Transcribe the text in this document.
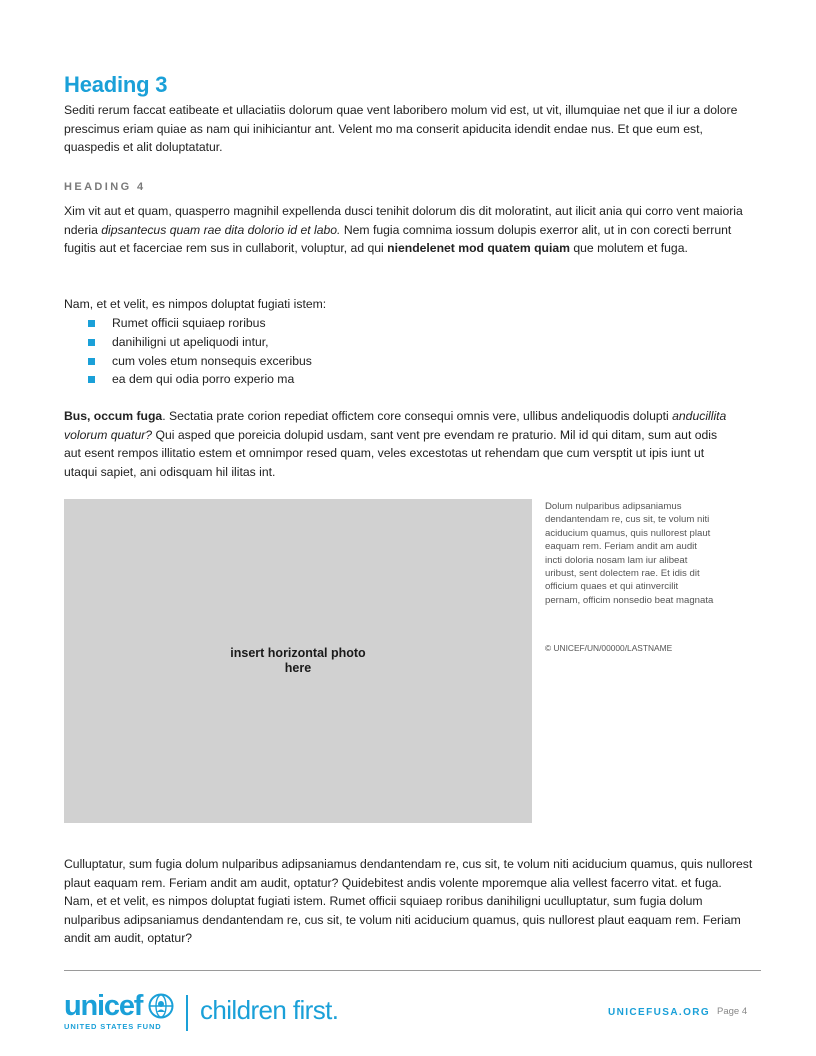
Heading 3

Sediti rerum faccat eatibeate et ullaciatiis dolorum quae vent laboribero molum vid est, ut vit, illumquiae net que il iur a dolore prescimus eriam quiae as nam qui inihiciantur ant. Velent mo ma conserit apiducita idendit endae nus. Et que eum est, quaspedis et alit doluptatatur.

HEADING 4

Xim vit aut et quam, quasperro magnihil expellenda dusci tenihit dolorum dis dit moloratint, aut ilicit ania qui corro vent maioria nderia dipsantecus quam rae dita dolorio id et labo. Nem fugia comnima iossum dolupis exerror alit, ut in con corecti berrunt fugitis aut et facerciae rem sus in cullaborit, voluptur, ad qui niendelenet mod quatem quiam que molutem et fuga.

Nam, et et velit, es nimpos doluptat fugiati istem:

Rumet officii squiaep roribus
danihiligni ut apeliquodi intur,
cum voles etum nonsequis exceribus
ea dem qui odia porro experio ma

Bus, occum fuga. Sectatia prate corion repediat offictem core consequi omnis vere, ullibus andeliquodis dolupti anducillita volorum quatur? Qui asped que poreicia dolupid usdam, sant vent pre evendam re praturio. Mil id qui ditam, sum aut odis aut esent rempos illitatio estem et omnimpor resed quam, veles excestotas ut rehendam que cum versptit ut ipis iunt ut utaqui sapiet, ani odisquam hil ilitas int.

insert horizontal photo here

Dolum nulparibus adipsaniamus dendantendam re, cus sit, te volum niti aciducium quamus, quis nullorest plaut eaquam rem. Feriam andit am audit incti doloria nosam lam iur alibeat uribust, sent dolectem rae. Et idis dit officium quaes et qui atinvercilit pernam, officim nonsedio beat magnata

© UNICEF/UN/00000/LASTNAME

Culluptatur, sum fugia dolum nulparibus adipsaniamus dendantendam re, cus sit, te volum niti aciducium quamus, quis nullorest plaut eaquam rem. Feriam andit am audit, optatur? Quidebitest andis volente mporemque alia vellest facerro vitat. et fuga. Nam, et et velit, es nimpos doluptat fugiati istem. Rumet officii squiaep roribus danihiligni uculluptatur, sum fugia dolum nulparibus adipsaniamus dendantendam re, cus sit, te volum niti aciducium quamus, quis nullorest plaut eaquam rem. Feriam andit am audit, optatur?

unicef
UNITED STATES FUND
children first.	UNICEFUSA.ORG Page 4
